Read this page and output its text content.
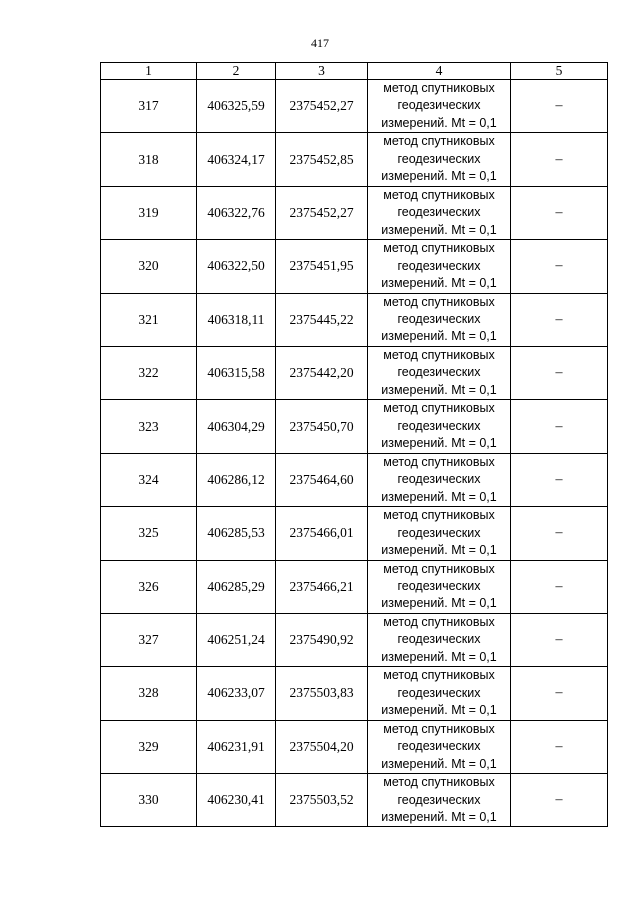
417
1	2	3	4	5
317	406325,59	2375452,27	метод спутниковых
геодезических
измерений. Mt = 0,1	–
318	406324,17	2375452,85	метод спутниковых
геодезических
измерений. Mt = 0,1	–
319	406322,76	2375452,27	метод спутниковых
геодезических
измерений. Mt = 0,1	–
320	406322,50	2375451,95	метод спутниковых
геодезических
измерений. Mt = 0,1	–
321	406318,11	2375445,22	метод спутниковых
геодезических
измерений. Mt = 0,1	–
322	406315,58	2375442,20	метод спутниковых
геодезических
измерений. Mt = 0,1	–
323	406304,29	2375450,70	метод спутниковых
геодезических
измерений. Mt = 0,1	–
324	406286,12	2375464,60	метод спутниковых
геодезических
измерений. Mt = 0,1	–
325	406285,53	2375466,01	метод спутниковых
геодезических
измерений. Mt = 0,1	–
326	406285,29	2375466,21	метод спутниковых
геодезических
измерений. Mt = 0,1	–
327	406251,24	2375490,92	метод спутниковых
геодезических
измерений. Mt = 0,1	–
328	406233,07	2375503,83	метод спутниковых
геодезических
измерений. Mt = 0,1	–
329	406231,91	2375504,20	метод спутниковых
геодезических
измерений. Mt = 0,1	–
330	406230,41	2375503,52	метод спутниковых
геодезических
измерений. Mt = 0,1	–
